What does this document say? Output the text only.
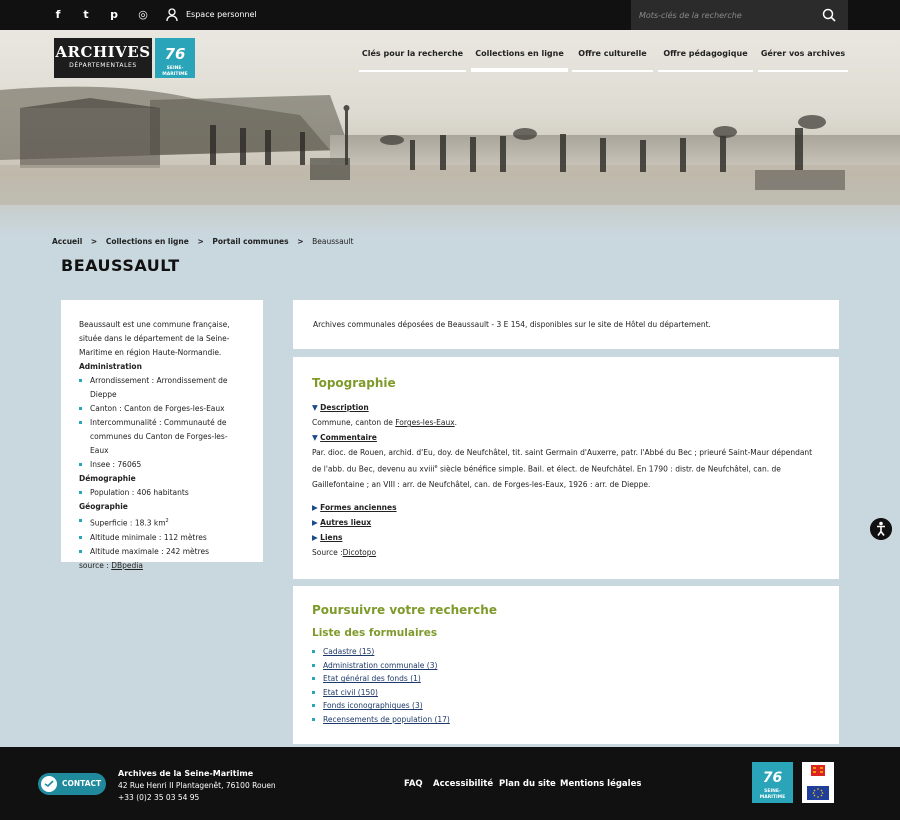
f	t	p ◎	Espace personnel
Mots-clés de la recherche
ARCHIVES
DÉPARTEMENTALES
76
SEINE-MARITIME
Clés pour la recherche	Collections en ligne	Offre culturelle	Offre pédagogique	Gérer vos archives
Accueil > Collections en ligne > Portail communes > Beaussault
BEAUSSAULT

Beaussault est une commune française, située dans le département de la Seine-Maritime en région Haute-Normandie.

Administration
Arrondissement : Arrondissement de Dieppe
Canton : Canton de Forges-les-Eaux
Intercommunalité : Communauté de communes du Canton de Forges-les-Eaux
Insee : 76065
Démographie
Population : 406 habitants
Géographie
Superficie : 18.3 $km^2$
Altitude minimale : 112 mètres
Altitude maximale : 242 mètres

source : DBpedia

Archives communales déposées de Beaussault - 3 E 154, disponibles sur le site de Hôtel du département.

Topographie
▼ Description
Commune, canton de Forges-les-Eaux.
▼ Commentaire

Par. dioc. de Rouen, archid. d'Eu, doy. de Neufchâtel, tit. saint Germain d'Auxerre, patr. l'Abbé du Bec ; prieuré Saint-Maur dépendant de l'abb. du Bec, devenu au xviii$^e$ siècle bénéfice simple. Bail. et élect. de Neufchâtel. En 1790 : distr. de Neufchâtel, can. de Gaillefontaine ; an VIII : arr. de Neufchâtel, can. de Forges-les-Eaux, 1926 : arr. de Dieppe.

▶ Formes anciennes
▶ Autres lieux
▶ Liens
Source :Dicotopo
Poursuivre votre recherche
Liste des formulaires
Cadastre (15)
Administration communale (3)
Etat général des fonds (1)
Etat civil (150)
Fonds iconographiques (3)
Recensements de population (17)
CONTACT
Archives de la Seine-Maritime
42 Rue Henri II Plantagenêt, 76100 Rouen
+33 (0)2 35 03 54 95
FAQ Accessibilité Plan du site Mentions légales	76
SEINE-MARITIME
